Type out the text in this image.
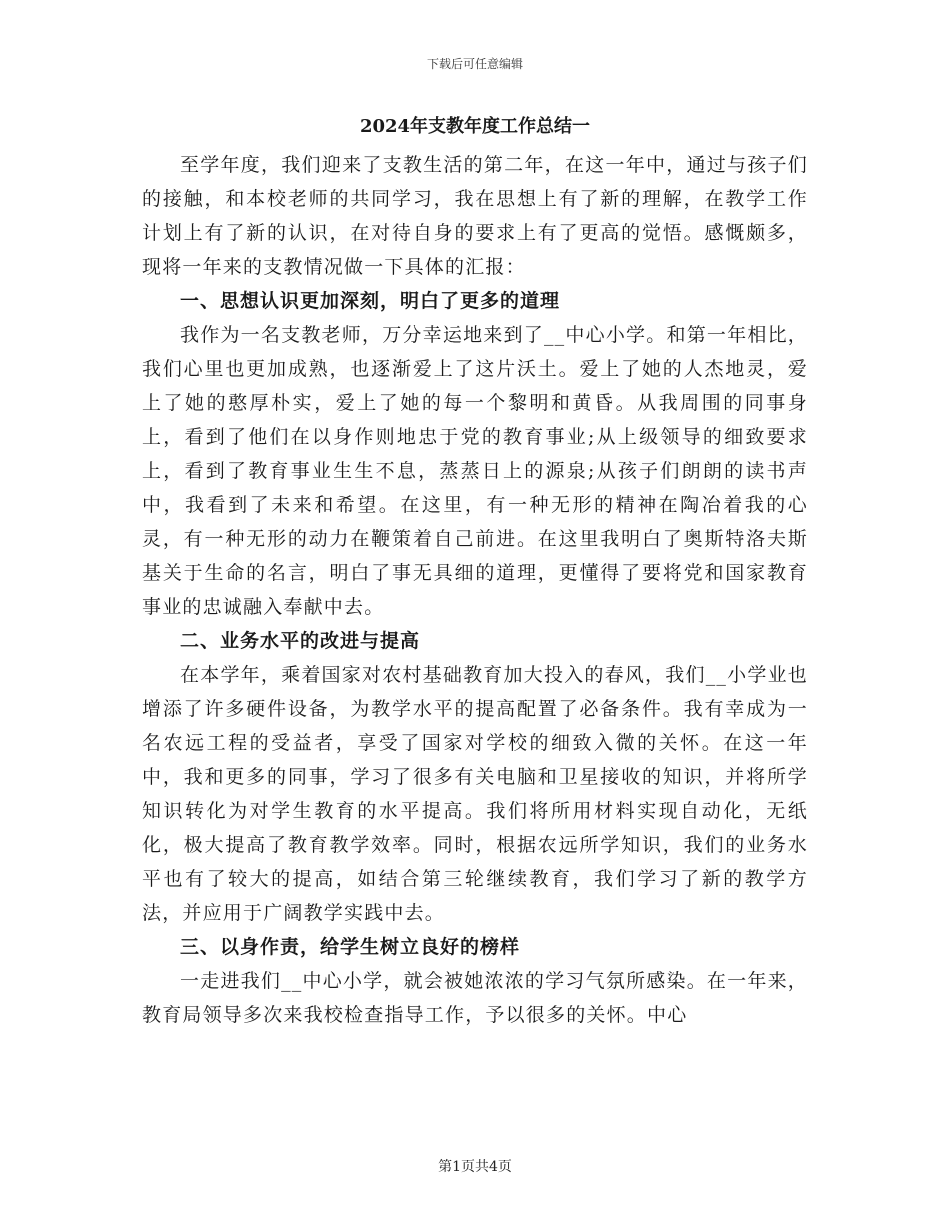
下载后可任意编辑
2024年支教年度工作总结一

至学年度，我们迎来了支教生活的第二年，在这一年中，通过与孩子们的接触，和本校老师的共同学习，我在思想上有了新的理解，在教学工作计划上有了新的认识，在对待自身的要求上有了更高的觉悟。感慨颇多，现将一年来的支教情况做一下具体的汇报：

一、思想认识更加深刻，明白了更多的道理

我作为一名支教老师，万分幸运地来到了__中心小学。和第一年相比，我们心里也更加成熟，也逐渐爱上了这片沃土。爱上了她的人杰地灵，爱上了她的憨厚朴实，爱上了她的每一个黎明和黄昏。从我周围的同事身上，看到了他们在以身作则地忠于党的教育事业;从上级领导的细致要求上，看到了教育事业生生不息，蒸蒸日上的源泉;从孩子们朗朗的读书声中，我看到了未来和希望。在这里，有一种无形的精神在陶冶着我的心灵，有一种无形的动力在鞭策着自己前进。在这里我明白了奥斯特洛夫斯基关于生命的名言，明白了事无具细的道理，更懂得了要将党和国家教育事业的忠诚融入奉献中去。

二、业务水平的改进与提高

在本学年，乘着国家对农村基础教育加大投入的春风，我们__小学业也增添了许多硬件设备，为教学水平的提高配置了必备条件。我有幸成为一名农远工程的受益者，享受了国家对学校的细致入微的关怀。在这一年中，我和更多的同事，学习了很多有关电脑和卫星接收的知识，并将所学知识转化为对学生教育的水平提高。我们将所用材料实现自动化，无纸化，极大提高了教育教学效率。同时，根据农远所学知识，我们的业务水平也有了较大的提高，如结合第三轮继续教育，我们学习了新的教学方法，并应用于广阔教学实践中去。

三、以身作责，给学生树立良好的榜样

一走进我们__中心小学，就会被她浓浓的学习气氛所感染。在一年来，教育局领导多次来我校检查指导工作，予以很多的关怀。中心

第1页共4页
